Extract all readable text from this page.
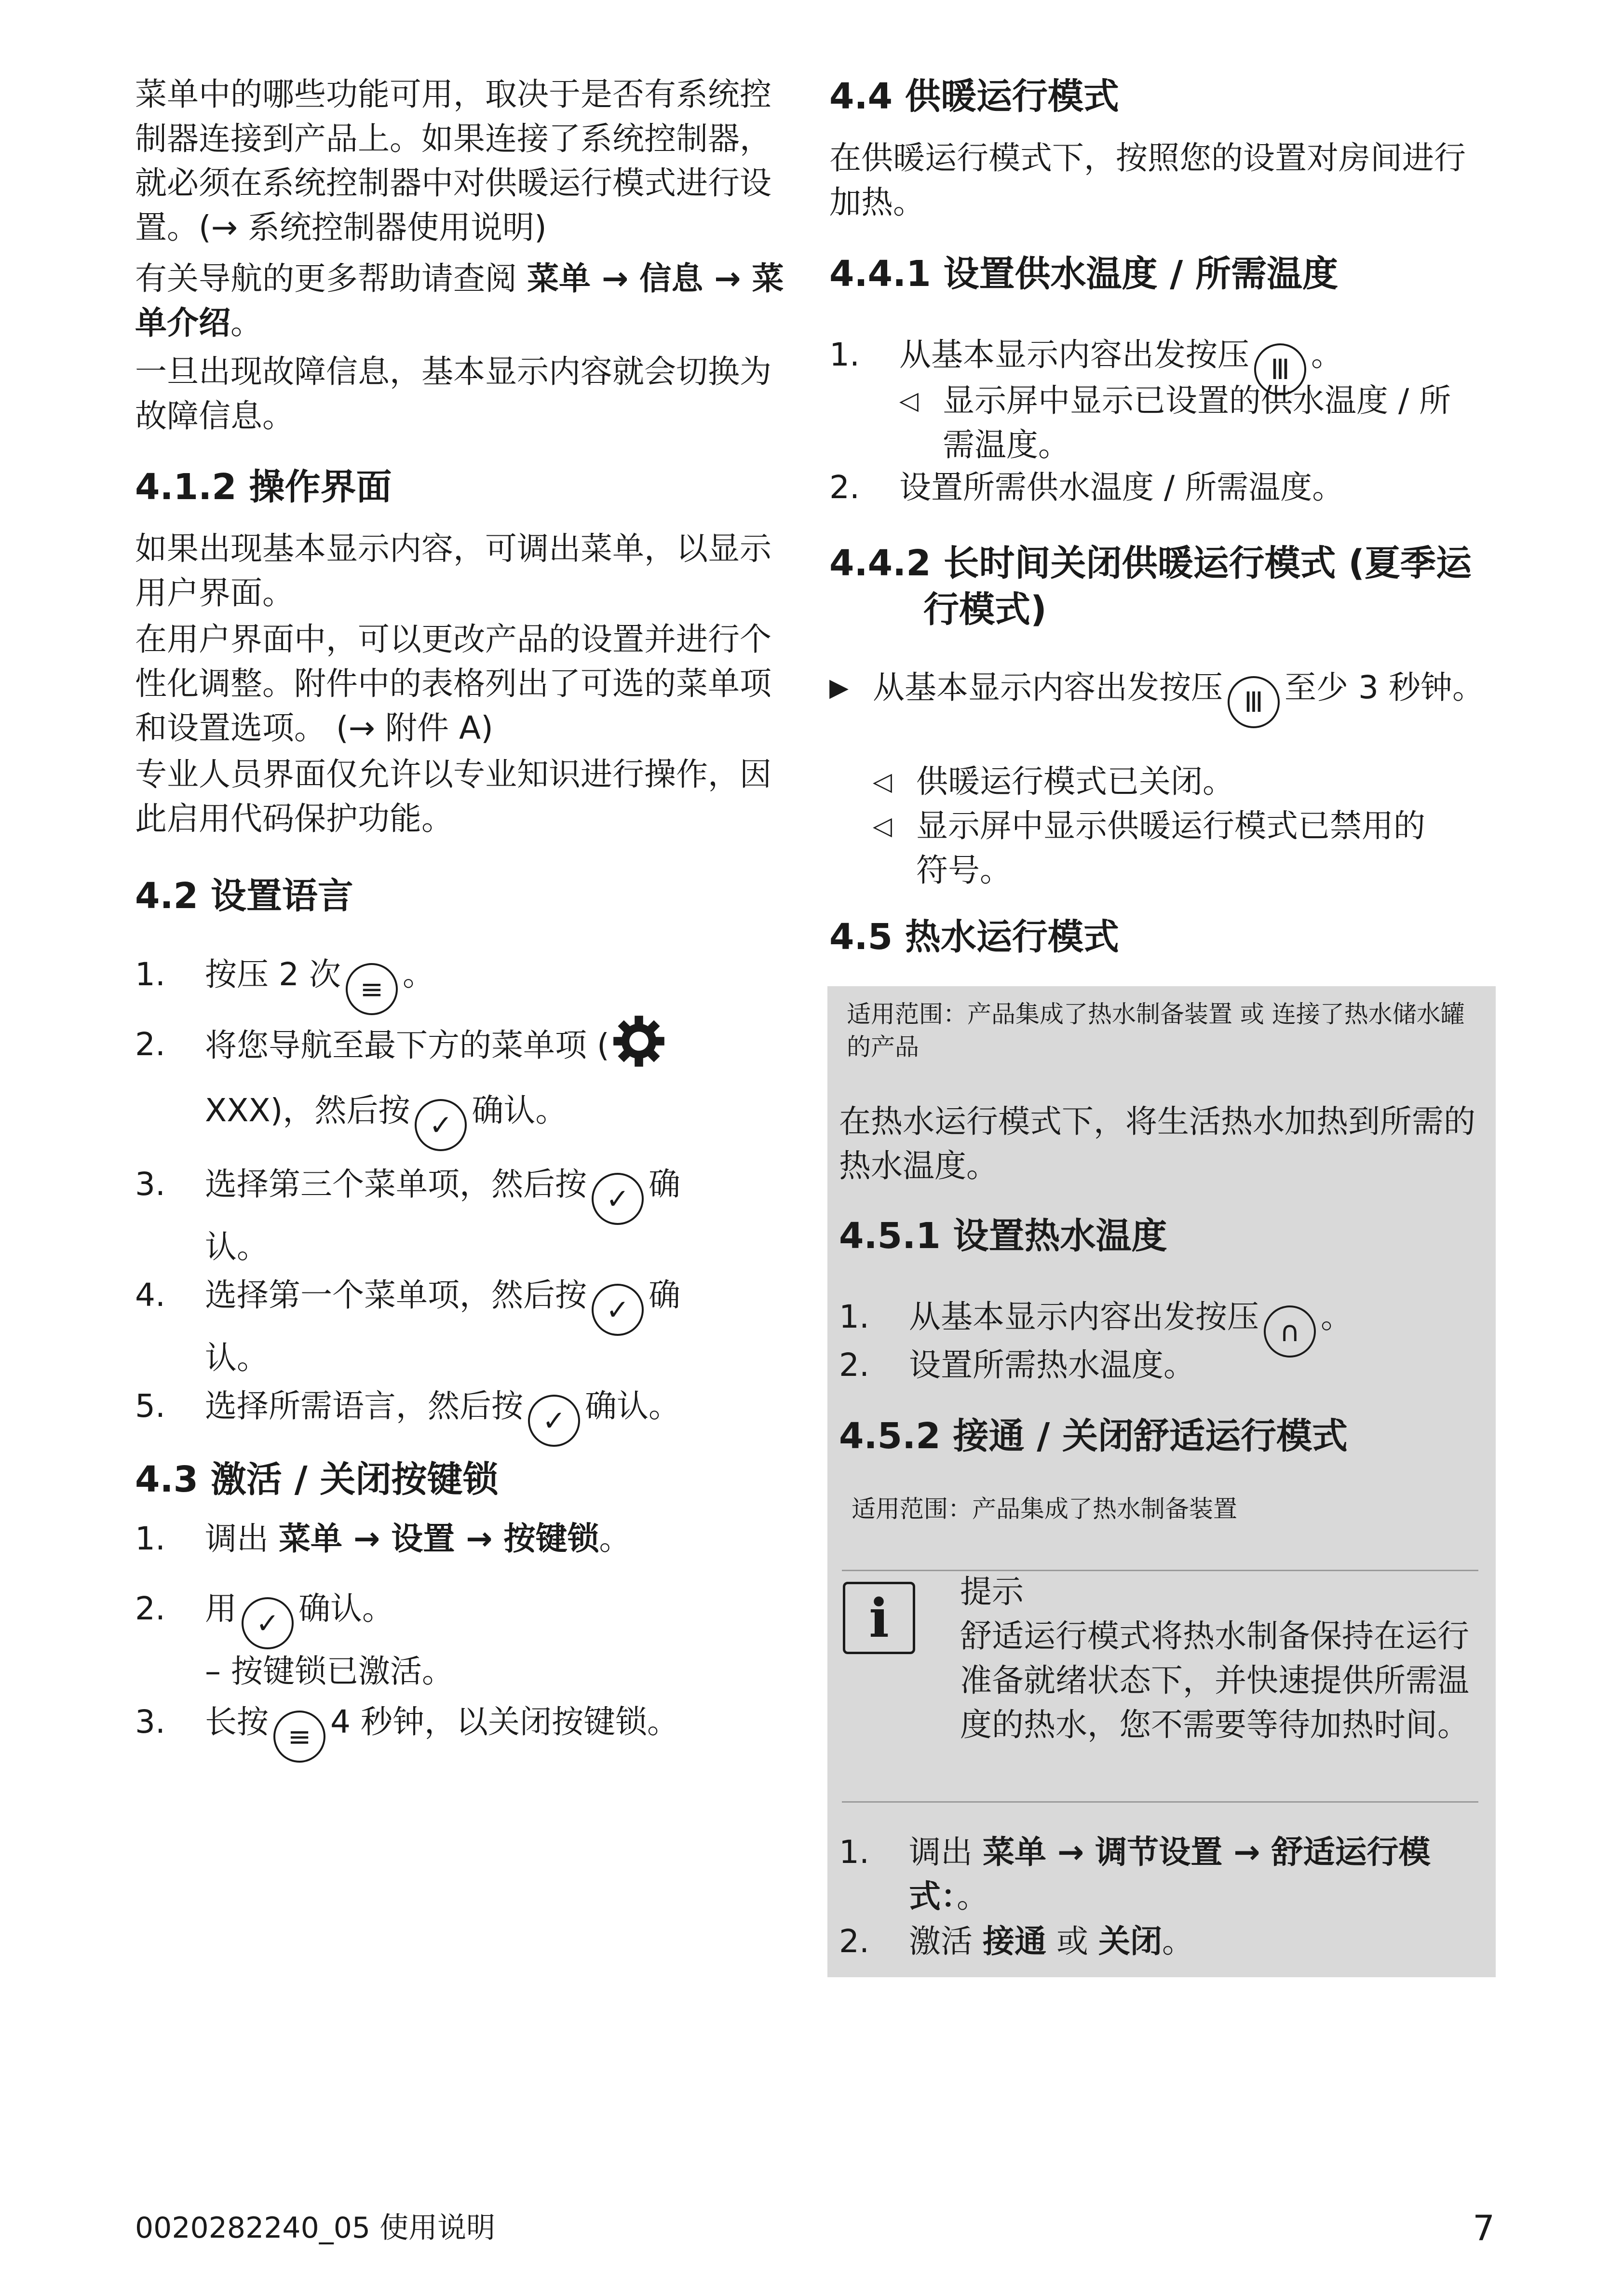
菜单中的哪些功能可用，取决于是否有系统控制器连接到产品上。如果连接了系统控制器，就必须在系统控制器中对供暖运行模式进行设置。(→ 系统控制器使用说明)

有关导航的更多帮助请查阅 菜单 → 信息 → 菜单介绍。

一旦出现故障信息，基本显示内容就会切换为故障信息。

4.1.2 操作界面

如果出现基本显示内容，可调出菜单，以显示用户界面。

在用户界面中，可以更改产品的设置并进行个性化调整。附件中的表格列出了可选的菜单项和设置选项。 (→ 附件 A)

专业人员界面仅允许以专业知识进行操作，因此启用代码保护功能。

4.2 设置语言
1. 按压 2 次 ≡ 。
2. 将您导航至最下方的菜单项 (
XXX)，然后按 ✓ 确认。
3. 选择第三个菜单项，然后按 ✓ 确认。
4. 选择第一个菜单项，然后按 ✓ 确认。
5. 选择所需语言，然后按 ✓ 确认。
4.3 激活 / 关闭按键锁
1. 调出 菜单 → 设置 → 按键锁。
2. 用 ✓ 确认。
– 按键锁已激活。
3. 长按 ≡ 4 秒钟，以关闭按键锁。
4.4 供暖运行模式

在供暖运行模式下，按照您的设置对房间进行加热。

4.4.1 设置供水温度 / 所需温度
1. 从基本显示内容出发按压 Ⅲ 。
◁ 显示屏中显示已设置的供水温度 / 所需温度。
2. 设置所需供水温度 / 所需温度。
4.4.2 长时间关闭供暖运行模式 (夏季运行模式)
▶ 从基本显示内容出发按压 Ⅲ 至少 3 秒钟。
◁ 供暖运行模式已关闭。
◁ 显示屏中显示供暖运行模式已禁用的符号。
4.5 热水运行模式

适用范围：产品集成了热水制备装置 或 连接了热水储水罐的产品

在热水运行模式下，将生活热水加热到所需的热水温度。

4.5.1 设置热水温度
1. 从基本显示内容出发按压 ∩ 。
2. 设置所需热水温度。
4.5.2 接通 / 关闭舒适运行模式

适用范围：产品集成了热水制备装置

i	提示

舒适运行模式将热水制备保持在运行准备就绪状态下，并快速提供所需温度的热水，您不需要等待加热时间。

1. 调出 菜单 → 调节设置 → 舒适运行模式：。
2. 激活 接通 或 关闭。
0020282240_05 使用说明	7
